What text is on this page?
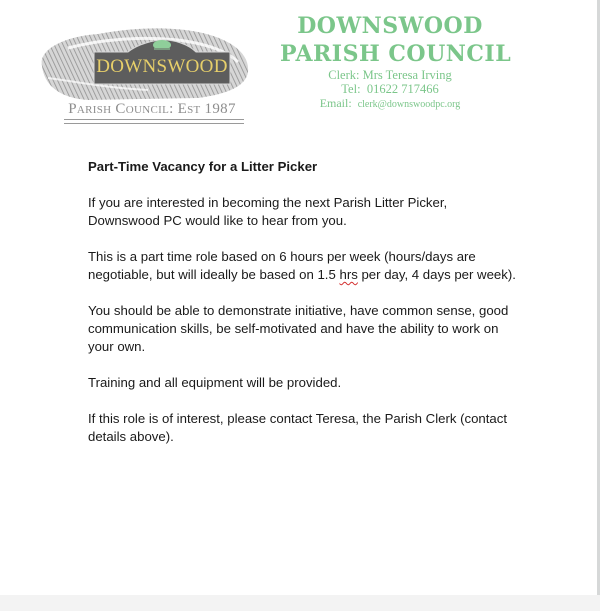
DOWNSWOOD
Parish Council: Est 1987
DOWNSWOOD
PARISH COUNCIL
Clerk: Mrs Teresa Irving
Tel: 01622 717466
Email: clerk@downswoodpc.org

Part-Time Vacancy for a Litter Picker

If you are interested in becoming the next Parish Litter Picker, Downswood PC would like to hear from you.

This is a part time role based on 6 hours per week (hours/days are negotiable, but will ideally be based on 1.5 hrs per day, 4 days per week).

You should be able to demonstrate initiative, have common sense, good communication skills, be self-motivated and have the ability to work on your own.

Training and all equipment will be provided.

If this role is of interest, please contact Teresa, the Parish Clerk (contact details above).
